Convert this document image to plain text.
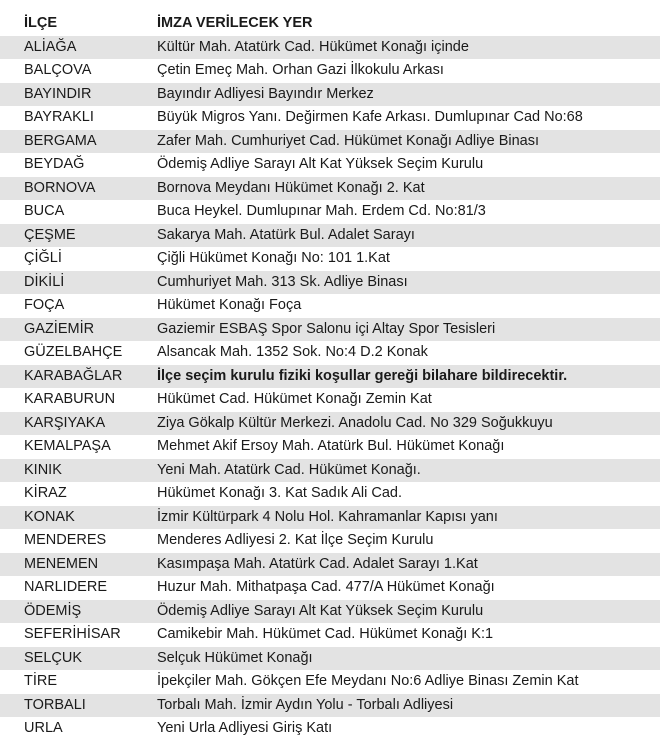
İLÇE	İMZA VERİLECEK YER
ALİAĞA	Kültür Mah. Atatürk Cad. Hükümet Konağı içinde
BALÇOVA	Çetin Emeç Mah. Orhan Gazi İlkokulu Arkası
BAYINDIR	Bayındır Adliyesi Bayındır Merkez
BAYRAKLI	Büyük Migros Yanı. Değirmen Kafe Arkası. Dumlupınar Cad No:68
BERGAMA	Zafer Mah. Cumhuriyet Cad. Hükümet Konağı Adliye Binası
BEYDAĞ	Ödemiş Adliye Sarayı Alt Kat Yüksek Seçim Kurulu
BORNOVA	Bornova Meydanı Hükümet Konağı 2. Kat
BUCA	Buca Heykel. Dumlupınar Mah. Erdem Cd. No:81/3
ÇEŞME	Sakarya Mah. Atatürk Bul. Adalet Sarayı
ÇİĞLİ	Çiğli Hükümet Konağı No: 101 1.Kat
DİKİLİ	Cumhuriyet Mah. 313 Sk. Adliye Binası
FOÇA	Hükümet Konağı Foça
GAZİEMİR	Gaziemir ESBAŞ Spor Salonu içi Altay Spor Tesisleri
GÜZELBAHÇE	Alsancak Mah. 1352 Sok. No:4 D.2 Konak
KARABAĞLAR	İlçe seçim kurulu fiziki koşullar gereği bilahare bildirecektir.
KARABURUN	Hükümet Cad. Hükümet Konağı Zemin Kat
KARŞIYAKA	Ziya Gökalp Kültür Merkezi. Anadolu Cad. No 329 Soğukkuyu
KEMALPAŞA	Mehmet Akif Ersoy Mah. Atatürk Bul. Hükümet Konağı
KINIK	Yeni Mah. Atatürk Cad. Hükümet Konağı.
KİRAZ	Hükümet Konağı 3. Kat Sadık Ali Cad.
KONAK	İzmir Kültürpark 4 Nolu Hol. Kahramanlar Kapısı yanı
MENDERES	Menderes Adliyesi 2. Kat İlçe Seçim Kurulu
MENEMEN	Kasımpaşa Mah. Atatürk Cad. Adalet Sarayı 1.Kat
NARLIDERE	Huzur Mah. Mithatpaşa Cad. 477/A Hükümet Konağı
ÖDEMİŞ	Ödemiş Adliye Sarayı Alt Kat Yüksek Seçim Kurulu
SEFERİHİSAR	Camikebir Mah. Hükümet Cad. Hükümet Konağı K:1
SELÇUK	Selçuk Hükümet Konağı
TİRE	İpekçiler Mah. Gökçen Efe Meydanı No:6 Adliye Binası Zemin Kat
TORBALI	Torbalı Mah. İzmir Aydın Yolu - Torbalı Adliyesi
URLA	Yeni Urla Adliyesi Giriş Katı
